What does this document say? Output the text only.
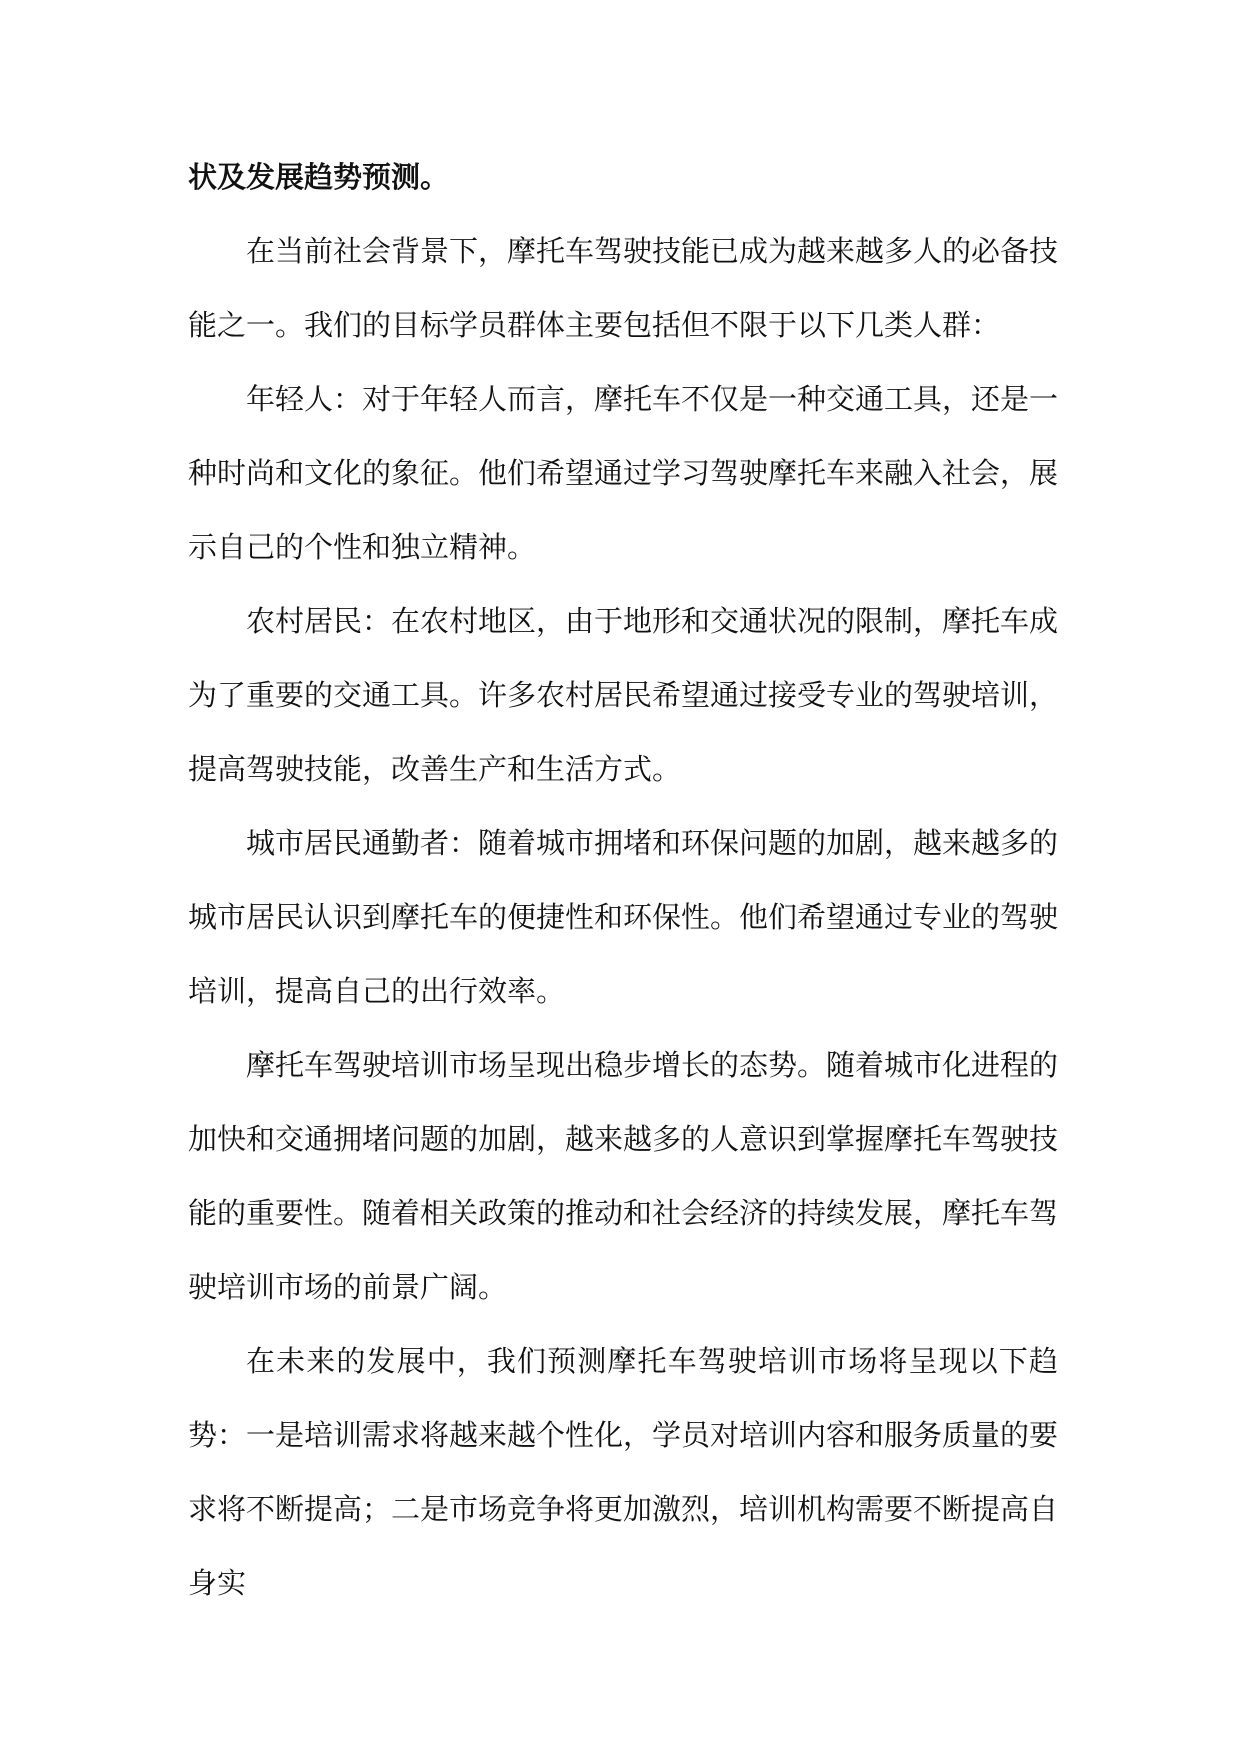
状及发展趋势预测。

在当前社会背景下，摩托车驾驶技能已成为越来越多人的必备技能之一。我们的目标学员群体主要包括但不限于以下几类人群：

年轻人：对于年轻人而言，摩托车不仅是一种交通工具，还是一种时尚和文化的象征。他们希望通过学习驾驶摩托车来融入社会，展示自己的个性和独立精神。

农村居民：在农村地区，由于地形和交通状况的限制，摩托车成为了重要的交通工具。许多农村居民希望通过接受专业的驾驶培训，提高驾驶技能，改善生产和生活方式。

城市居民通勤者：随着城市拥堵和环保问题的加剧，越来越多的城市居民认识到摩托车的便捷性和环保性。他们希望通过专业的驾驶培训，提高自己的出行效率。

摩托车驾驶培训市场呈现出稳步增长的态势。随着城市化进程的加快和交通拥堵问题的加剧，越来越多的人意识到掌握摩托车驾驶技能的重要性。随着相关政策的推动和社会经济的持续发展，摩托车驾驶培训市场的前景广阔。

在未来的发展中，我们预测摩托车驾驶培训市场将呈现以下趋势：一是培训需求将越来越个性化，学员对培训内容和服务质量的要求将不断提高；二是市场竞争将更加激烈，培训机构需要不断提高自身实
